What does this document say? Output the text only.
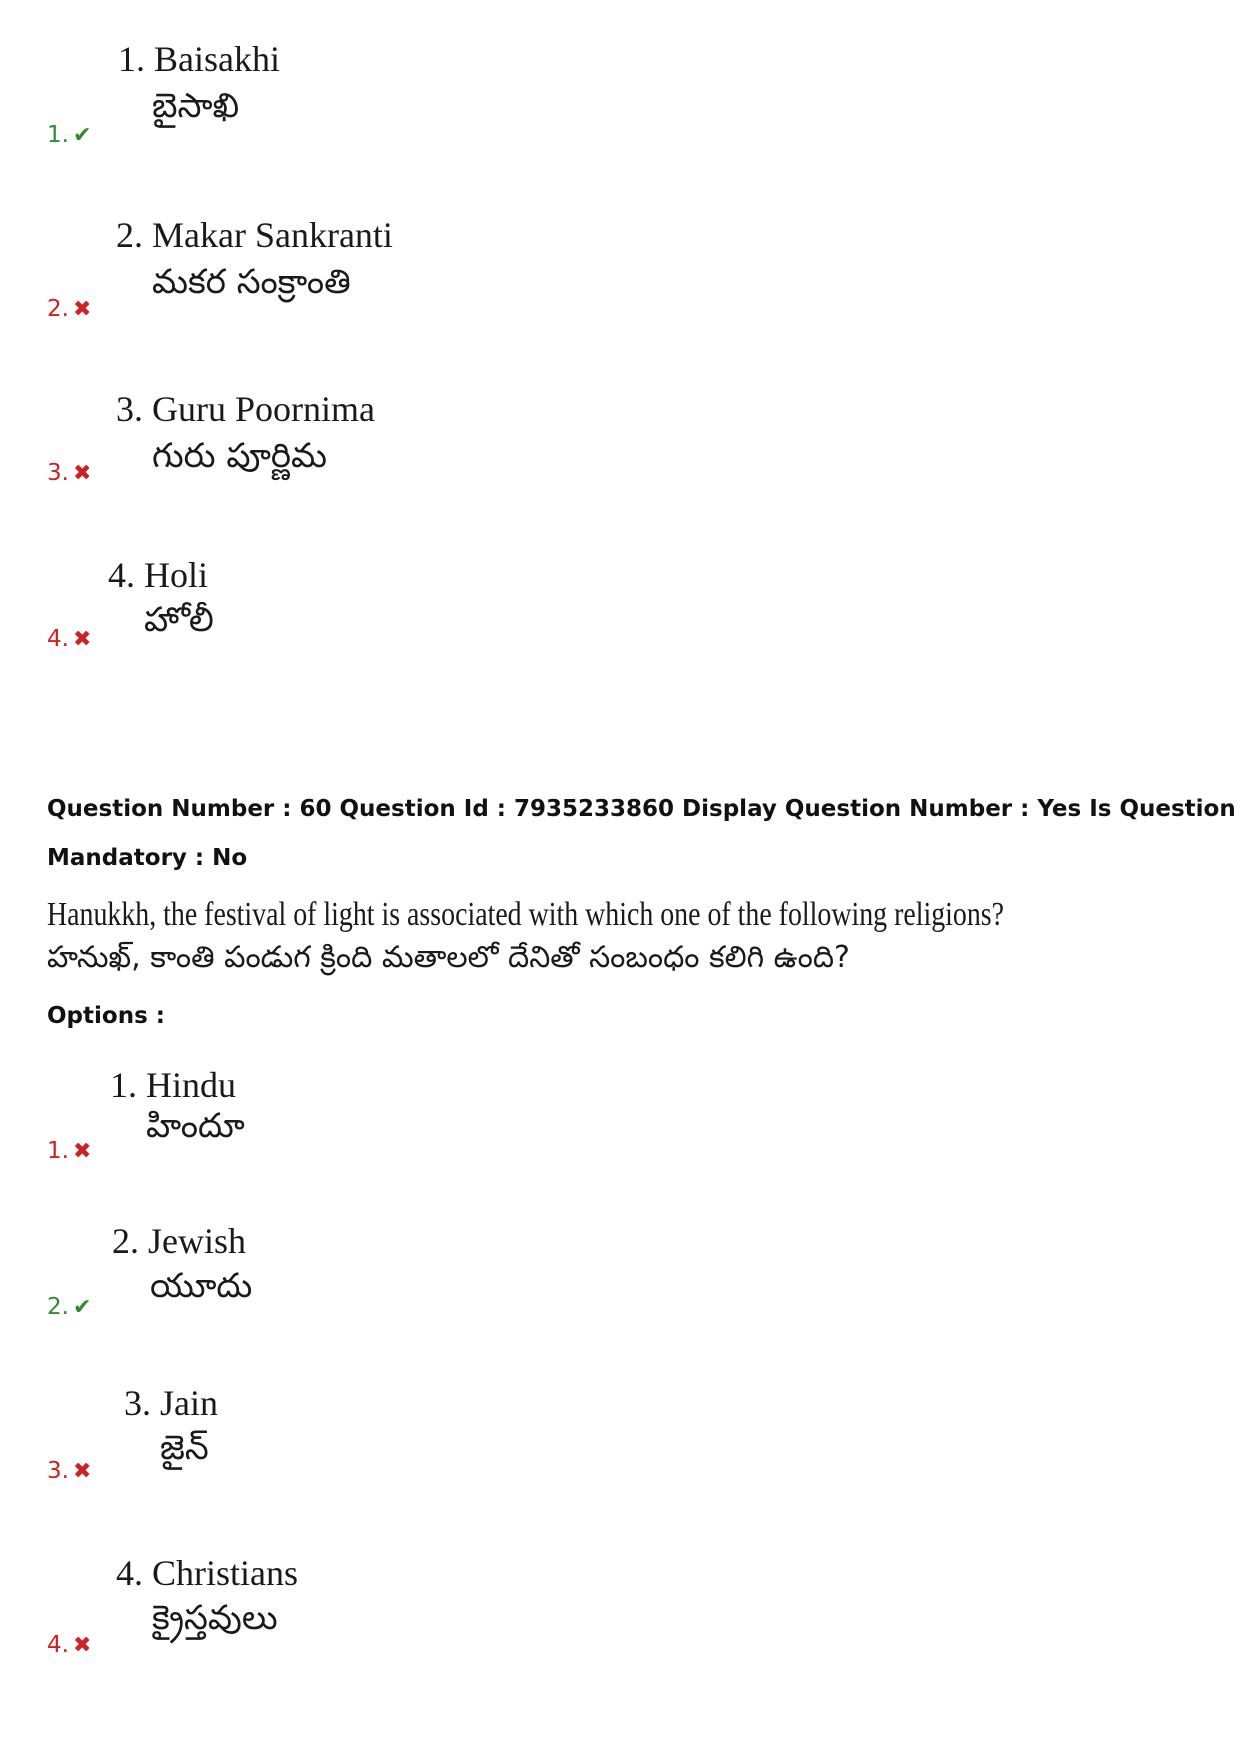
1. Baisakhi
బైసాఖి
1. ✔
2. Makar Sankranti
మకర సంక్రాంతి
2. ✖
3. Guru Poornima
గురు పూర్ణిమ
3. ✖
4. Holi
హోలీ
4. ✖
Question Number : 60 Question Id : 7935233860 Display Question Number : Yes Is Question
Mandatory : No
Hanukkh, the festival of light is associated with which one of the following religions?
హనుఖ్, కాంతి పండుగ క్రింది మతాలలో దేనితో సంబంధం కలిగి ఉంది?
Options :
1. Hindu
హిందూ
1. ✖
2. Jewish
యూదు
2. ✔
3. Jain
జైన్
3. ✖
4. Christians
క్రైస్తవులు
4. ✖
